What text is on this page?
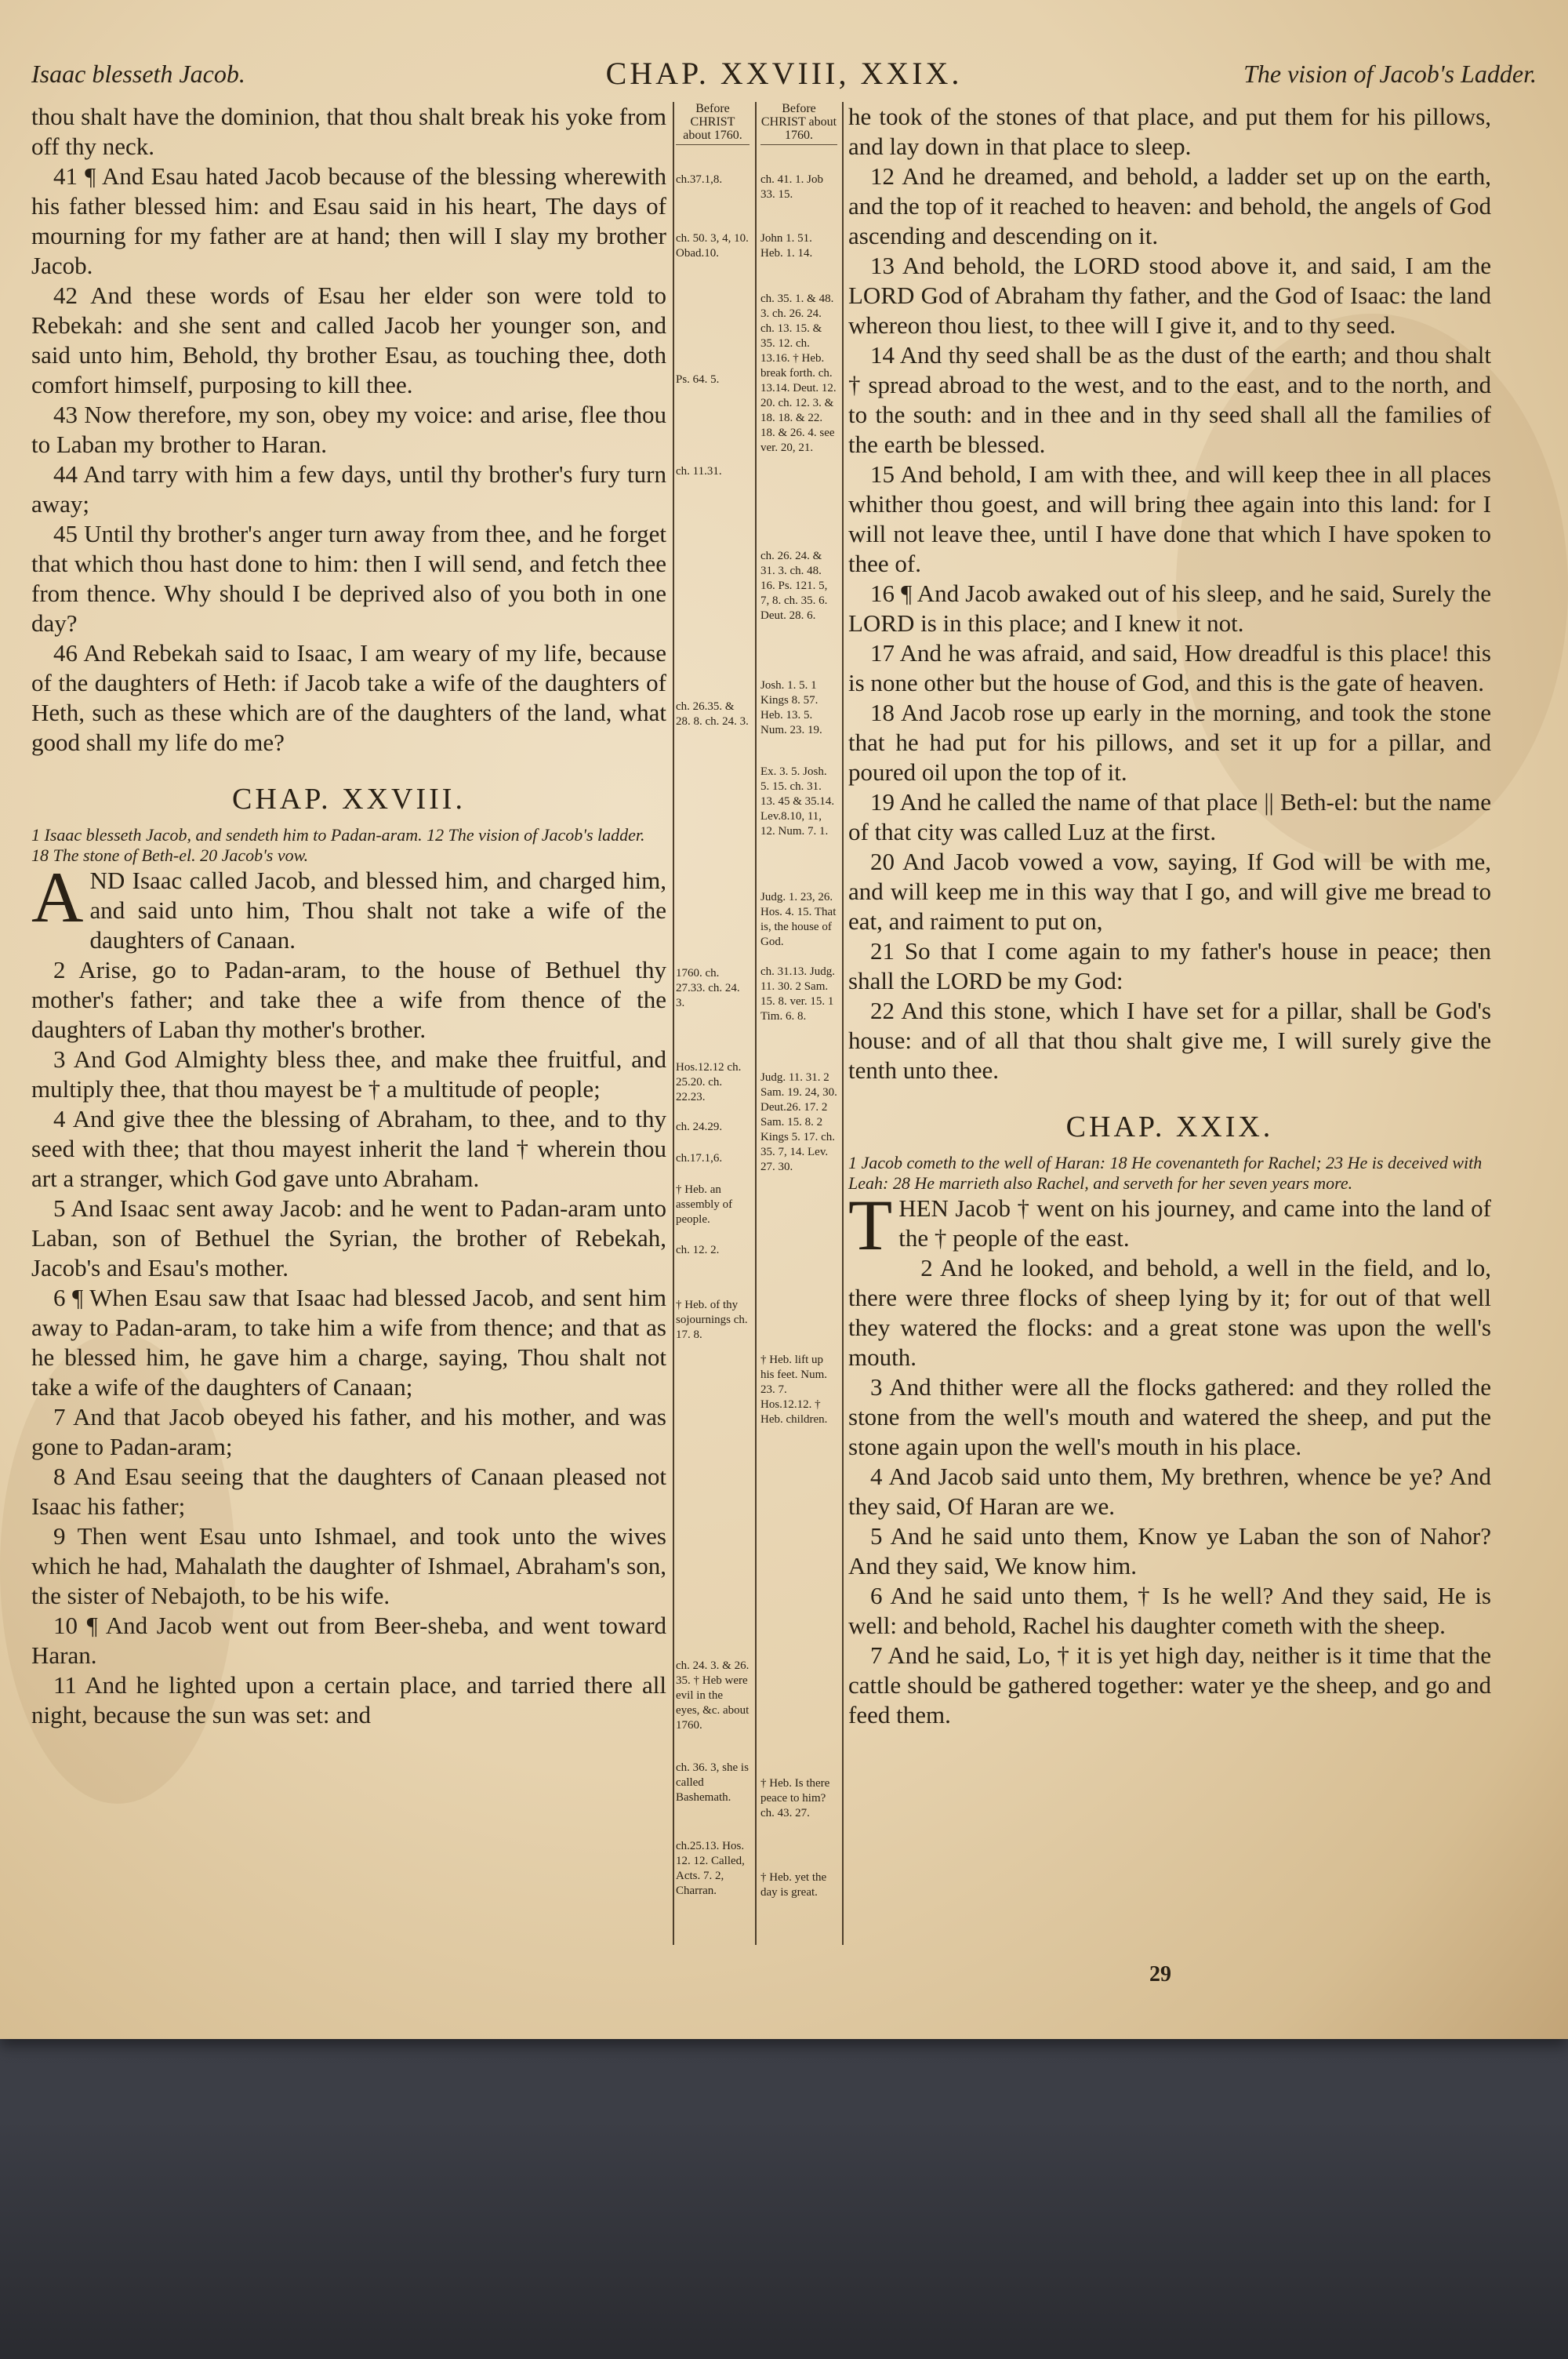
Isaac blesseth Jacob.	CHAP. XXVIII, XXIX.	The vision of Jacob's Ladder.

thou shalt have the dominion, that thou shalt break his yoke from off thy neck.

41 ¶ And Esau hated Jacob because of the blessing wherewith his father blessed him: and Esau said in his heart, The days of mourning for my father are at hand; then will I slay my brother Jacob.

42 And these words of Esau her elder son were told to Rebekah: and she sent and called Jacob her younger son, and said unto him, Behold, thy brother Esau, as touching thee, doth comfort himself, purposing to kill thee.

43 Now therefore, my son, obey my voice: and arise, flee thou to Laban my brother to Haran.

44 And tarry with him a few days, until thy brother's fury turn away;

45 Until thy brother's anger turn away from thee, and he forget that which thou hast done to him: then I will send, and fetch thee from thence. Why should I be deprived also of you both in one day?

46 And Rebekah said to Isaac, I am weary of my life, because of the daughters of Heth: if Jacob take a wife of the daughters of Heth, such as these which are of the daughters of the land, what good shall my life do me?

CHAP. XXVIII.

1 Isaac blesseth Jacob, and sendeth him to Padan-aram. 12 The vision of Jacob's ladder. 18 The stone of Beth-el. 20 Jacob's vow.

AND Isaac called Jacob, and blessed him, and charged him, and said unto him, Thou shalt not take a wife of the daughters of Canaan.

2 Arise, go to Padan-aram, to the house of Bethuel thy mother's father; and take thee a wife from thence of the daughters of Laban thy mother's brother.

3 And God Almighty bless thee, and make thee fruitful, and multiply thee, that thou mayest be † a multitude of people;

4 And give thee the blessing of Abraham, to thee, and to thy seed with thee; that thou mayest inherit the land † wherein thou art a stranger, which God gave unto Abraham.

5 And Isaac sent away Jacob: and he went to Padan-aram unto Laban, son of Bethuel the Syrian, the brother of Rebekah, Jacob's and Esau's mother.

6 ¶ When Esau saw that Isaac had blessed Jacob, and sent him away to Padan-aram, to take him a wife from thence; and that as he blessed him, he gave him a charge, saying, Thou shalt not take a wife of the daughters of Canaan;

7 And that Jacob obeyed his father, and his mother, and was gone to Padan-aram;

8 And Esau seeing that the daughters of Canaan pleased not Isaac his father;

9 Then went Esau unto Ishmael, and took unto the wives which he had, Mahalath the daughter of Ishmael, Abraham's son, the sister of Nebajoth, to be his wife.

10 ¶ And Jacob went out from Beer-sheba, and went toward Haran.

11 And he lighted upon a certain place, and tarried there all night, because the sun was set: and

Before CHRIST about 1760.
ch.37.1,8.
ch. 50. 3, 4, 10. Obad.10.
Ps. 64. 5.
ch. 11.31.
ch. 26.35. & 28. 8. ch. 24. 3.
1760. ch. 27.33. ch. 24. 3.
Hos.12.12 ch. 25.20. ch. 22.23.
ch. 24.29.
ch.17.1,6.
† Heb. an assembly of people.
ch. 12. 2.
† Heb. of thy sojournings ch. 17. 8.
ch. 24. 3. & 26. 35. † Heb were evil in the eyes, &c. about 1760.
ch. 36. 3, she is called Bashemath.
ch.25.13. Hos. 12. 12. Called, Acts. 7. 2, Charran.
Before CHRIST about 1760.
ch. 41. 1. Job 33. 15.
John 1. 51. Heb. 1. 14.
ch. 35. 1. & 48. 3. ch. 26. 24. ch. 13. 15. & 35. 12. ch. 13.16. † Heb. break forth. ch. 13.14. Deut. 12. 20. ch. 12. 3. & 18. 18. & 22. 18. & 26. 4. see ver. 20, 21.
ch. 26. 24. & 31. 3. ch. 48. 16. Ps. 121. 5, 7, 8. ch. 35. 6. Deut. 28. 6.
Josh. 1. 5. 1 Kings 8. 57. Heb. 13. 5. Num. 23. 19.
Ex. 3. 5. Josh. 5. 15. ch. 31. 13. 45 & 35.14. Lev.8.10, 11, 12. Num. 7. 1.
Judg. 1. 23, 26. Hos. 4. 15. That is, the house of God.
ch. 31.13. Judg. 11. 30. 2 Sam. 15. 8. ver. 15. 1 Tim. 6. 8.
Judg. 11. 31. 2 Sam. 19. 24, 30. Deut.26. 17. 2 Sam. 15. 8. 2 Kings 5. 17. ch. 35. 7, 14. Lev. 27. 30.
† Heb. lift up his feet. Num. 23. 7. Hos.12.12. † Heb. children.
† Heb. Is there peace to him? ch. 43. 27.
† Heb. yet the day is great.

he took of the stones of that place, and put them for his pillows, and lay down in that place to sleep.

12 And he dreamed, and behold, a ladder set up on the earth, and the top of it reached to heaven: and behold, the angels of God ascending and descending on it.

13 And behold, the LORD stood above it, and said, I am the LORD God of Abraham thy father, and the God of Isaac: the land whereon thou liest, to thee will I give it, and to thy seed.

14 And thy seed shall be as the dust of the earth; and thou shalt † spread abroad to the west, and to the east, and to the north, and to the south: and in thee and in thy seed shall all the families of the earth be blessed.

15 And behold, I am with thee, and will keep thee in all places whither thou goest, and will bring thee again into this land: for I will not leave thee, until I have done that which I have spoken to thee of.

16 ¶ And Jacob awaked out of his sleep, and he said, Surely the LORD is in this place; and I knew it not.

17 And he was afraid, and said, How dreadful is this place! this is none other but the house of God, and this is the gate of heaven.

18 And Jacob rose up early in the morning, and took the stone that he had put for his pillows, and set it up for a pillar, and poured oil upon the top of it.

19 And he called the name of that place || Beth-el: but the name of that city was called Luz at the first.

20 And Jacob vowed a vow, saying, If God will be with me, and will keep me in this way that I go, and will give me bread to eat, and raiment to put on,

21 So that I come again to my father's house in peace; then shall the LORD be my God:

22 And this stone, which I have set for a pillar, shall be God's house: and of all that thou shalt give me, I will surely give the tenth unto thee.

CHAP. XXIX.

1 Jacob cometh to the well of Haran: 18 He covenanteth for Rachel; 23 He is deceived with Leah: 28 He marrieth also Rachel, and serveth for her seven years more.

THEN Jacob † went on his journey, and came into the land of the † people of the east.

2 And he looked, and behold, a well in the field, and lo, there were three flocks of sheep lying by it; for out of that well they watered the flocks: and a great stone was upon the well's mouth.

3 And thither were all the flocks gathered: and they rolled the stone from the well's mouth and watered the sheep, and put the stone again upon the well's mouth in his place.

4 And Jacob said unto them, My brethren, whence be ye? And they said, Of Haran are we.

5 And he said unto them, Know ye Laban the son of Nahor? And they said, We know him.

6 And he said unto them, † Is he well? And they said, He is well: and behold, Rachel his daughter cometh with the sheep.

7 And he said, Lo, † it is yet high day, neither is it time that the cattle should be gathered together: water ye the sheep, and go and feed them.

29
